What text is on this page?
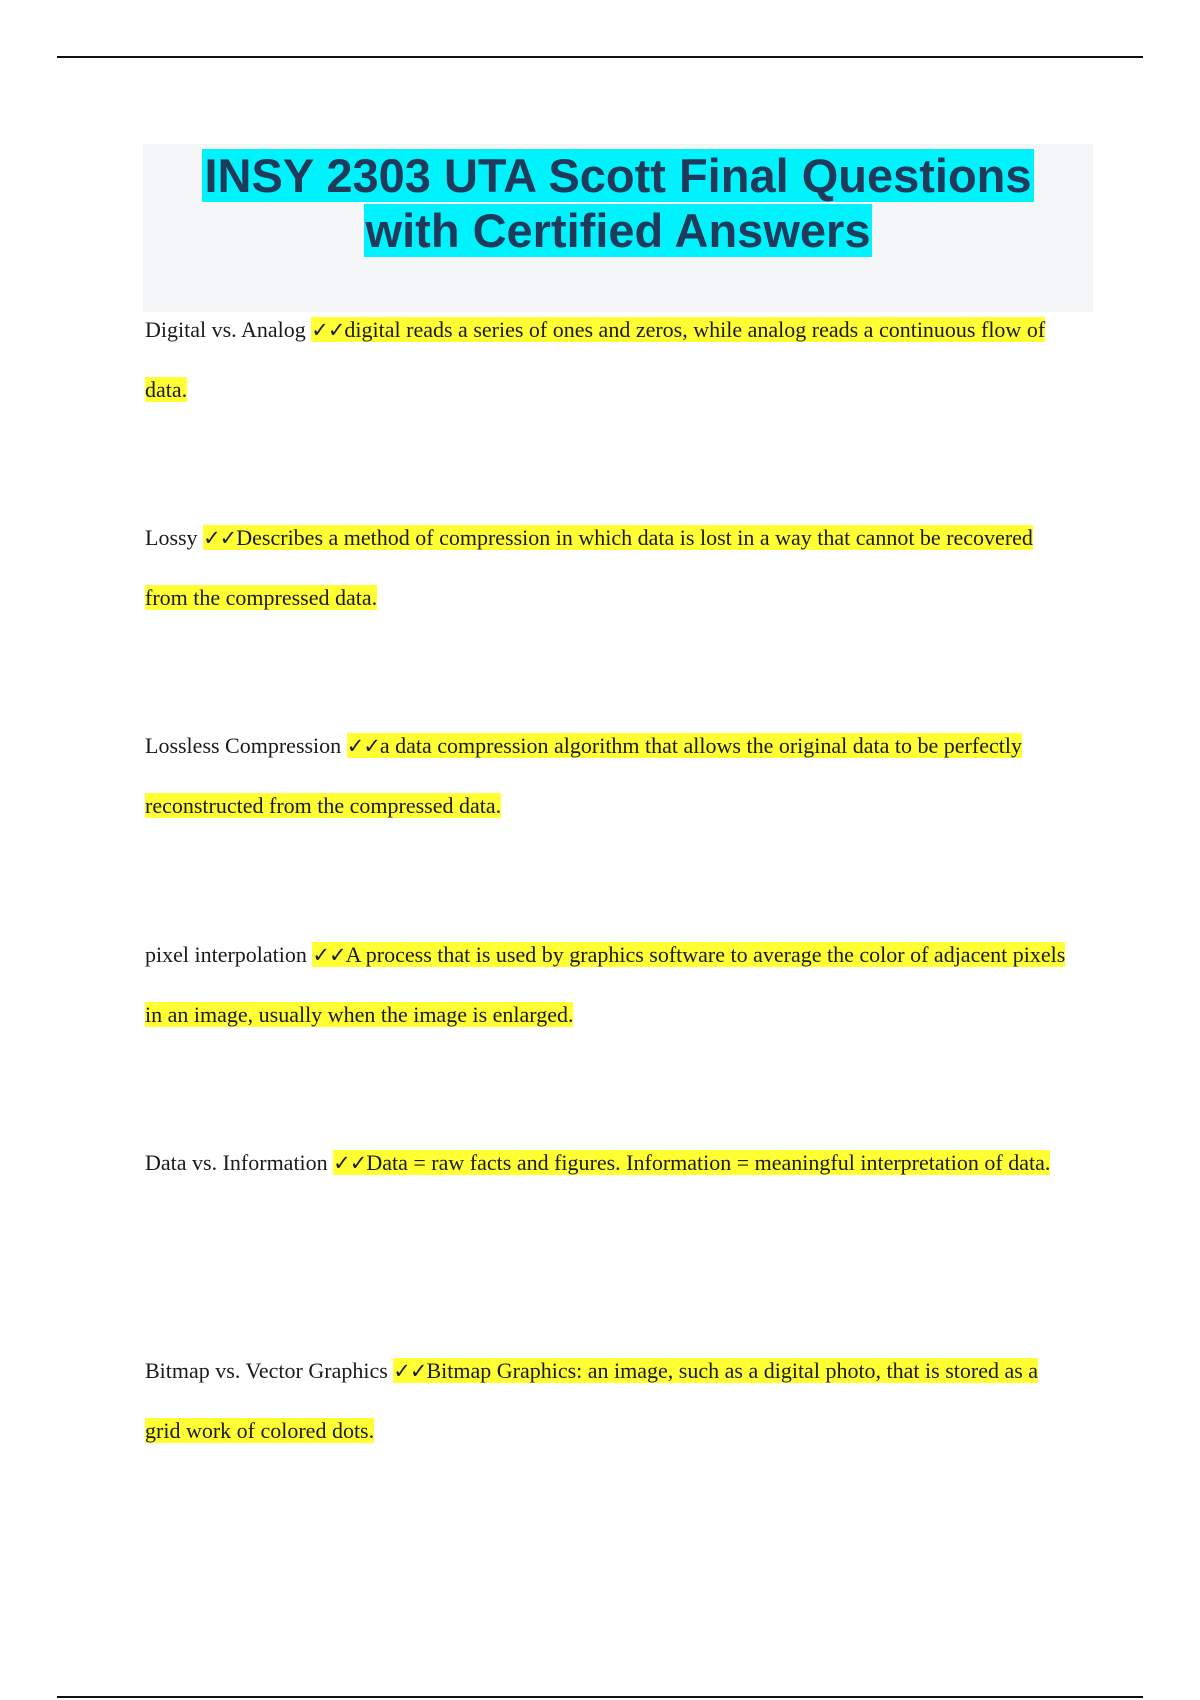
INSY 2303 UTA Scott Final Questions
with Certified Answers

Digital vs. Analog ✓✓digital reads a series of ones and zeros, while analog reads a continuous flow of data.

Lossy ✓✓Describes a method of compression in which data is lost in a way that cannot be recovered from the compressed data.

Lossless Compression ✓✓a data compression algorithm that allows the original data to be perfectly reconstructed from the compressed data.

pixel interpolation ✓✓A process that is used by graphics software to average the color of adjacent pixels in an image, usually when the image is enlarged.

Data vs. Information ✓✓Data = raw facts and figures. Information = meaningful interpretation of data.

Bitmap vs. Vector Graphics ✓✓Bitmap Graphics: an image, such as a digital photo, that is stored as a grid work of colored dots.
